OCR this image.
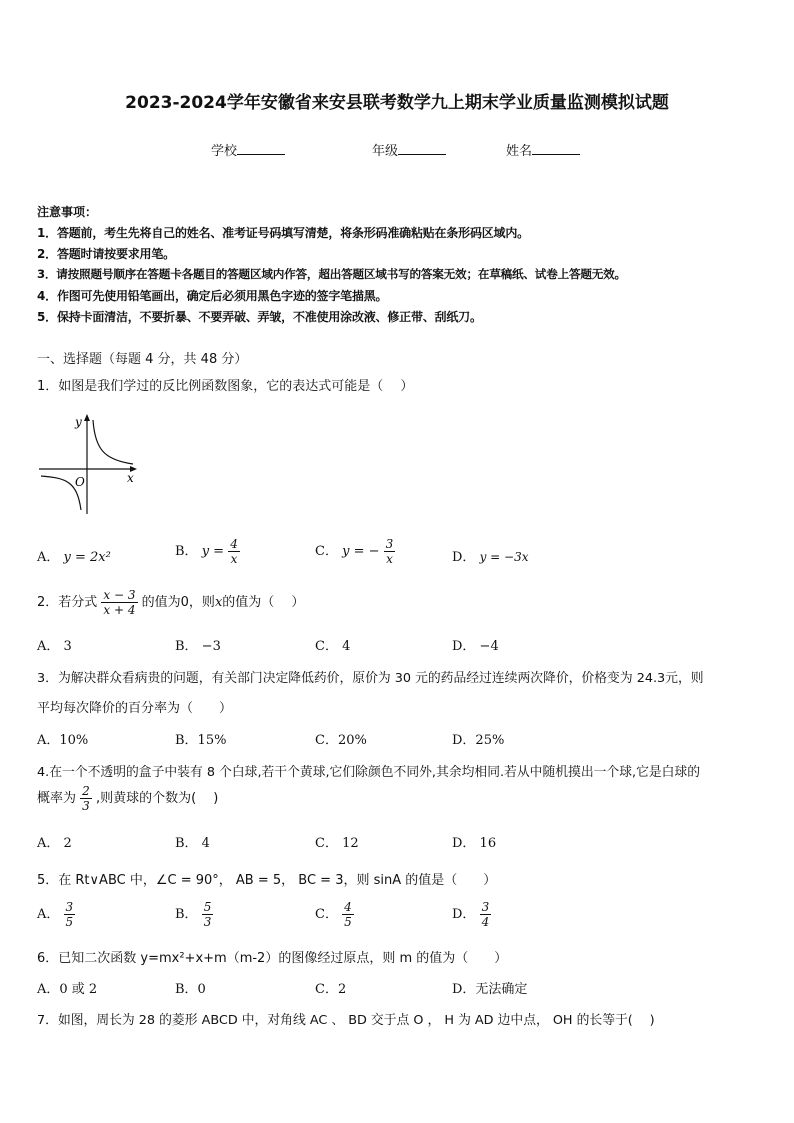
2023-2024学年安徽省来安县联考数学九上期末学业质量监测模拟试题
学校	年级	姓名
注意事项：
1．答题前，考生先将自己的姓名、准考证号码填写清楚，将条形码准确粘贴在条形码区域内。
2．答题时请按要求用笔。
3．请按照题号顺序在答题卡各题目的答题区域内作答，超出答题区域书写的答案无效；在草稿纸、试卷上答题无效。
4．作图可先使用铅笔画出，确定后必须用黑色字迹的签字笔描黑。
5．保持卡面清洁，不要折暴、不要弄破、弄皱，不准使用涂改液、修正带、刮纸刀。
一、选择题（每题 4 分，共 48 分）
1．如图是我们学过的反比例函数图象，它的表达式可能是（　 ）
y
x
O
A． y = 2x²	B． $y = \frac{4}{x}$	C． y = − $\frac{3}{x}$	D． y = −3x
2．若分式 $\frac{x - 3}{x + 4}$ 的值为0，则x的值为（　 ）
A． 3	B． −3	C． 4	D． −4
3．为解决群众看病贵的问题，有关部门决定降低药价，原价为 30 元的药品经过连续两次降价，价格变为 24.3元，则
平均每次降价的百分率为（　　）
A．10%	B．15%	C．20%	D．25%
4.在一个不透明的盒子中装有 8 个白球,若干个黄球,它们除颜色不同外,其余均相同.若从中随机摸出一个球,它是白球的
概率为 $\frac{2}{3}$ ,则黄球的个数为(　 )
A． 2	B． 4	C． 12	D． 16
5．在 Rt∨ABC 中，∠C = 90°， AB = 5， BC = 3，则 sinA 的值是（　　）
A． $\frac{3}{5}$	B． $\frac{5}{3}$	C． $\frac{4}{5}$	D． $\frac{3}{4}$
6．已知二次函数 y=mx²+x+m（m-2）的图像经过原点，则 m 的值为（　　）
A．0 或 2	B．0	C．2	D．无法确定
7．如图，周长为 28 的菱形 ABCD 中，对角线 AC 、 BD 交于点 O ， H 为 AD 边中点， OH 的长等于(　 )
